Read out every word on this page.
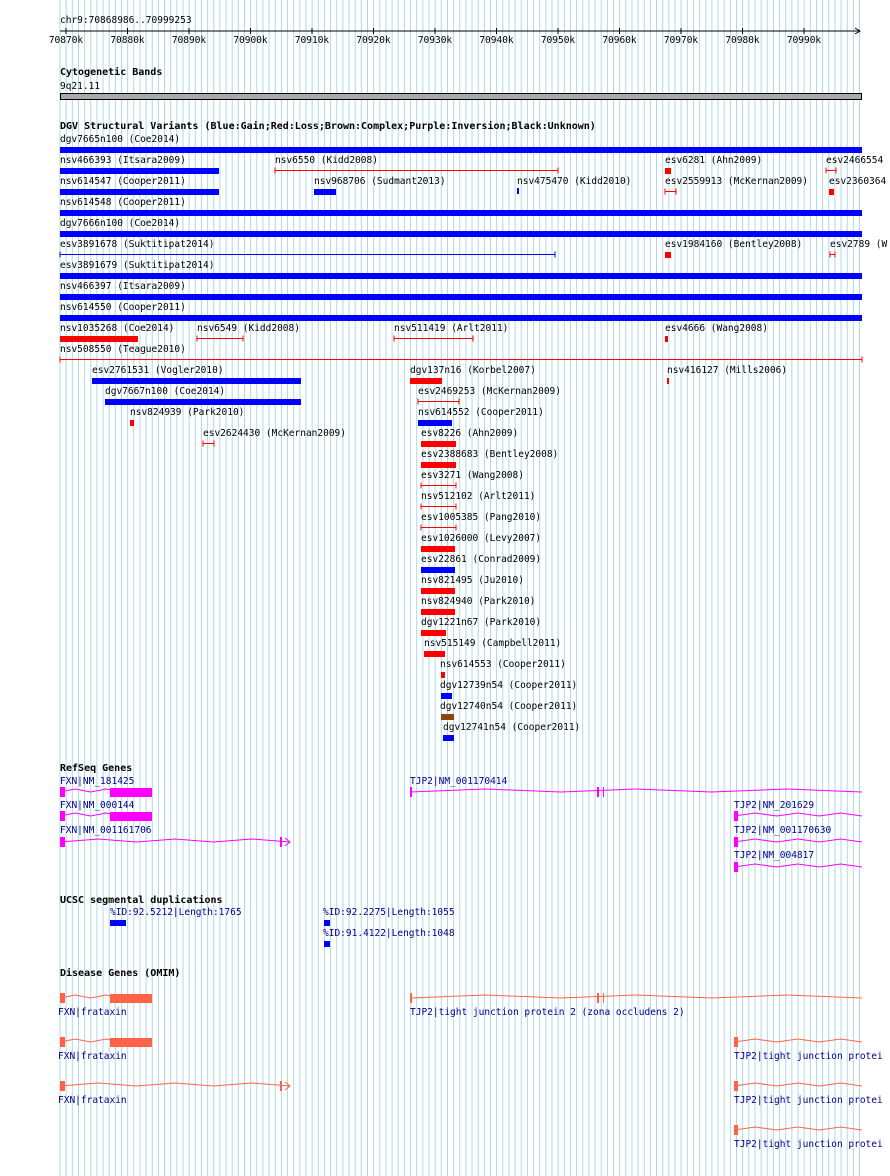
chr9:70868986..70999253
70870k	70880k	70890k	70900k	70910k	70920k	70930k	70940k	70950k	70960k	70970k	70980k	70990k
Cytogenetic Bands
9q21.11
DGV Structural Variants (Blue:Gain;Red:Loss;Brown:Complex;Purple:Inversion;Black:Unknown)
dgv7665n100 (Coe2014)
nsv466393 (Itsara2009)	nsv6550 (Kidd2008)	esv6281 (Ahn2009)	esv2466554
nsv614547 (Cooper2011)	nsv968706 (Sudmant2013)	nsv475470 (Kidd2010)	esv2559913 (McKernan2009) esv2360364
nsv614548 (Cooper2011)
dgv7666n100 (Coe2014)
esv3891678 (Suktitipat2014)	esv1984160 (Bentley2008)	esv2789 (W
esv3891679 (Suktitipat2014)
nsv466397 (Itsara2009)
nsv614550 (Cooper2011)
nsv1035268 (Coe2014) nsv6549 (Kidd2008)	nsv511419 (Arlt2011)	esv4666 (Wang2008)
nsv508550 (Teague2010)
esv2761531 (Vogler2010)	dgv137n16 (Korbel2007)	nsv416127 (Mills2006)
dgv7667n100 (Coe2014)	esv2469253 (McKernan2009)
nsv824939 (Park2010)	nsv614552 (Cooper2011)
esv2624430 (McKernan2009)	esv8226 (Ahn2009)
esv2388683 (Bentley2008)
esv3271 (Wang2008)
nsv512102 (Arlt2011)
esv1005385 (Pang2010)
esv1026000 (Levy2007)
esv22861 (Conrad2009)
nsv821495 (Ju2010)
nsv824940 (Park2010)
dgv1221n67 (Park2010)
nsv515149 (Campbell2011)
nsv614553 (Cooper2011)
dgv12739n54 (Cooper2011)
dgv12740n54 (Cooper2011)
dgv12741n54 (Cooper2011)
RefSeq Genes
FXN|NM_181425	TJP2|NM_001170414
FXN|NM_000144	TJP2|NM_201629
FXN|NM_001161706	TJP2|NM_001170630
TJP2|NM_004817
UCSC segmental duplications
%ID:92.5212|Length:1765	%ID:92.2275|Length:1055
%ID:91.4122|Length:1048
Disease Genes (OMIM)
FXN|frataxin	TJP2|tight junction protein 2 (zona occludens 2)
FXN|frataxin	TJP2|tight junction protei
FXN|frataxin	TJP2|tight junction protei
TJP2|tight junction protei
